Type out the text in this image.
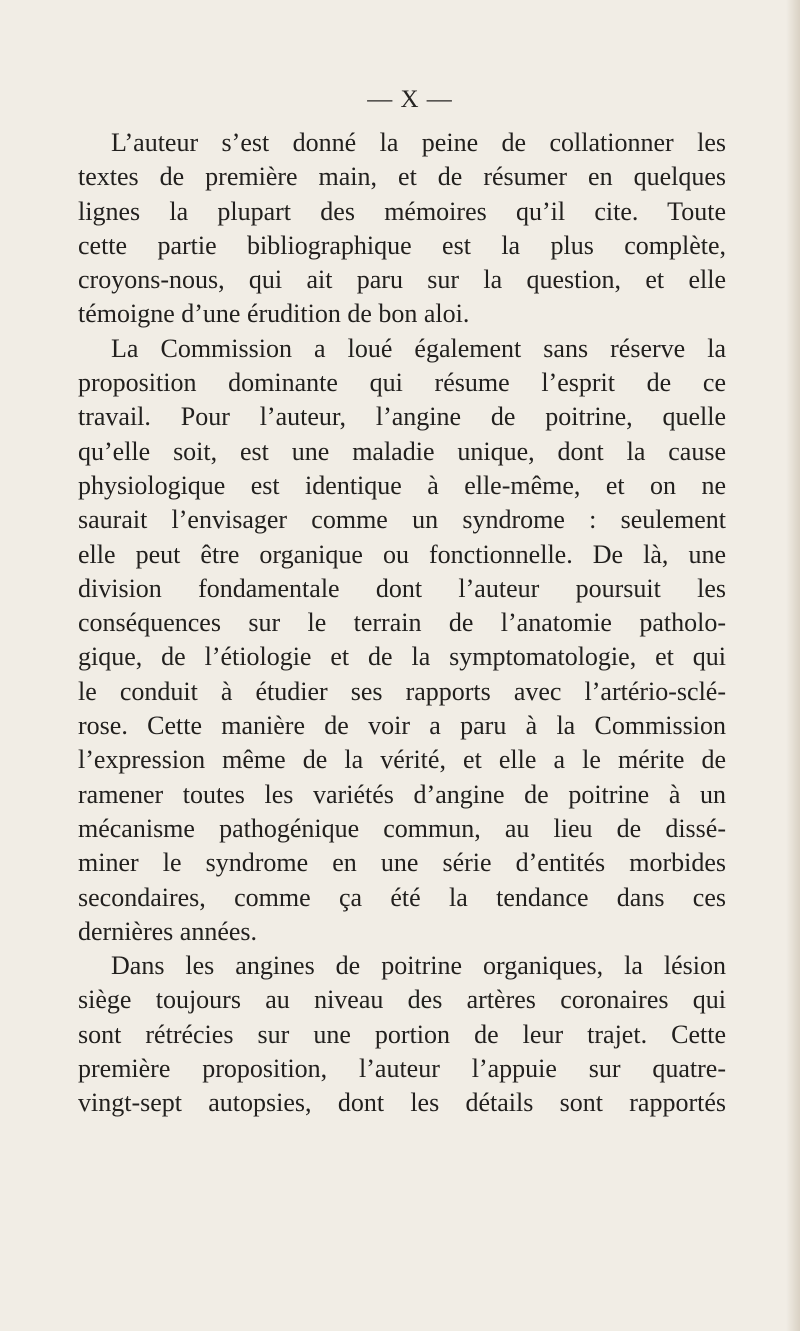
— X —
L’auteur s’est donné la peine de collationner les
textes de première main, et de résumer en quelques
lignes la plupart des mémoires qu’il cite. Toute
cette partie bibliographique est la plus complète,
croyons-nous, qui ait paru sur la question, et elle
témoigne d’une érudition de bon aloi.
La Commission a loué également sans réserve la
proposition dominante qui résume l’esprit de ce
travail. Pour l’auteur, l’angine de poitrine, quelle
qu’elle soit, est une maladie unique, dont la cause
physiologique est identique à elle-même, et on ne
saurait l’envisager comme un syndrome : seulement
elle peut être organique ou fonctionnelle. De là, une
division fondamentale dont l’auteur poursuit les
conséquences sur le terrain de l’anatomie patholo-
gique, de l’étiologie et de la symptomatologie, et qui
le conduit à étudier ses rapports avec l’artério-sclé-
rose. Cette manière de voir a paru à la Commission
l’expression même de la vérité, et elle a le mérite de
ramener toutes les variétés d’angine de poitrine à un
mécanisme pathogénique commun, au lieu de dissé-
miner le syndrome en une série d’entités morbides
secondaires, comme ça été la tendance dans ces
dernières années.
Dans les angines de poitrine organiques, la lésion
siège toujours au niveau des artères coronaires qui
sont rétrécies sur une portion de leur trajet. Cette
première proposition, l’auteur l’appuie sur quatre-
vingt-sept autopsies, dont les détails sont rapportés
